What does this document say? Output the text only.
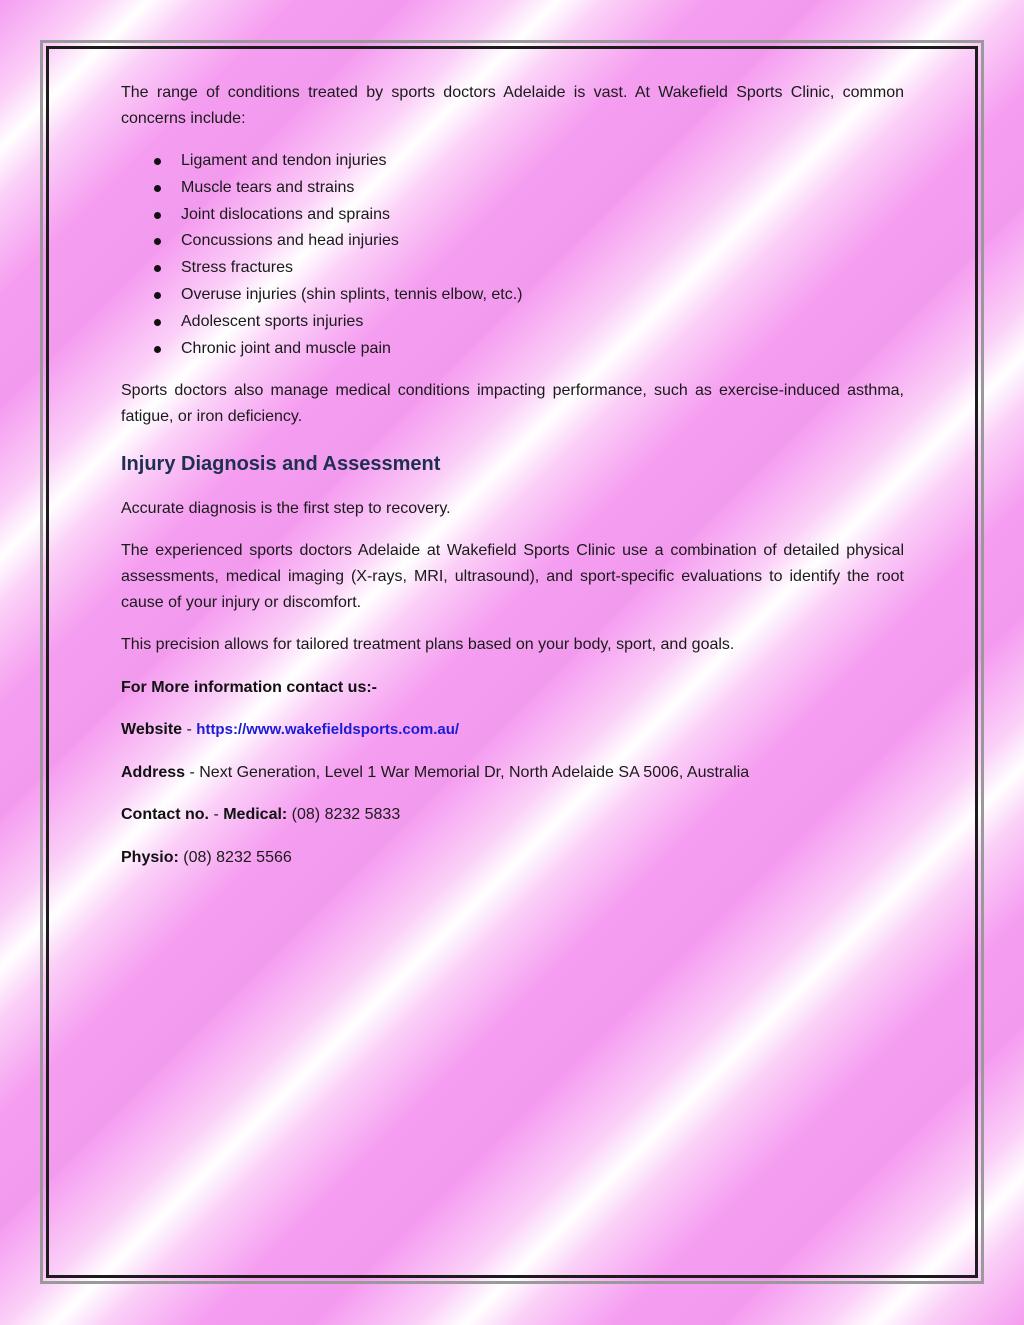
The range of conditions treated by sports doctors Adelaide is vast. At Wakefield Sports Clinic, common concerns include:

Ligament and tendon injuries
Muscle tears and strains
Joint dislocations and sprains
Concussions and head injuries
Stress fractures
Overuse injuries (shin splints, tennis elbow, etc.)
Adolescent sports injuries
Chronic joint and muscle pain

Sports doctors also manage medical conditions impacting performance, such as exercise-induced asthma, fatigue, or iron deficiency.

Injury Diagnosis and Assessment

Accurate diagnosis is the first step to recovery.

The experienced sports doctors Adelaide at Wakefield Sports Clinic use a combination of detailed physical assessments, medical imaging (X-rays, MRI, ultrasound), and sport-specific evaluations to identify the root cause of your injury or discomfort.

This precision allows for tailored treatment plans based on your body, sport, and goals.

For More information contact us:-

Website - https://www.wakefieldsports.com.au/

Address - Next Generation, Level 1 War Memorial Dr, North Adelaide SA 5006, Australia

Contact no. - Medical: (08) 8232 5833

Physio: (08) 8232 5566
